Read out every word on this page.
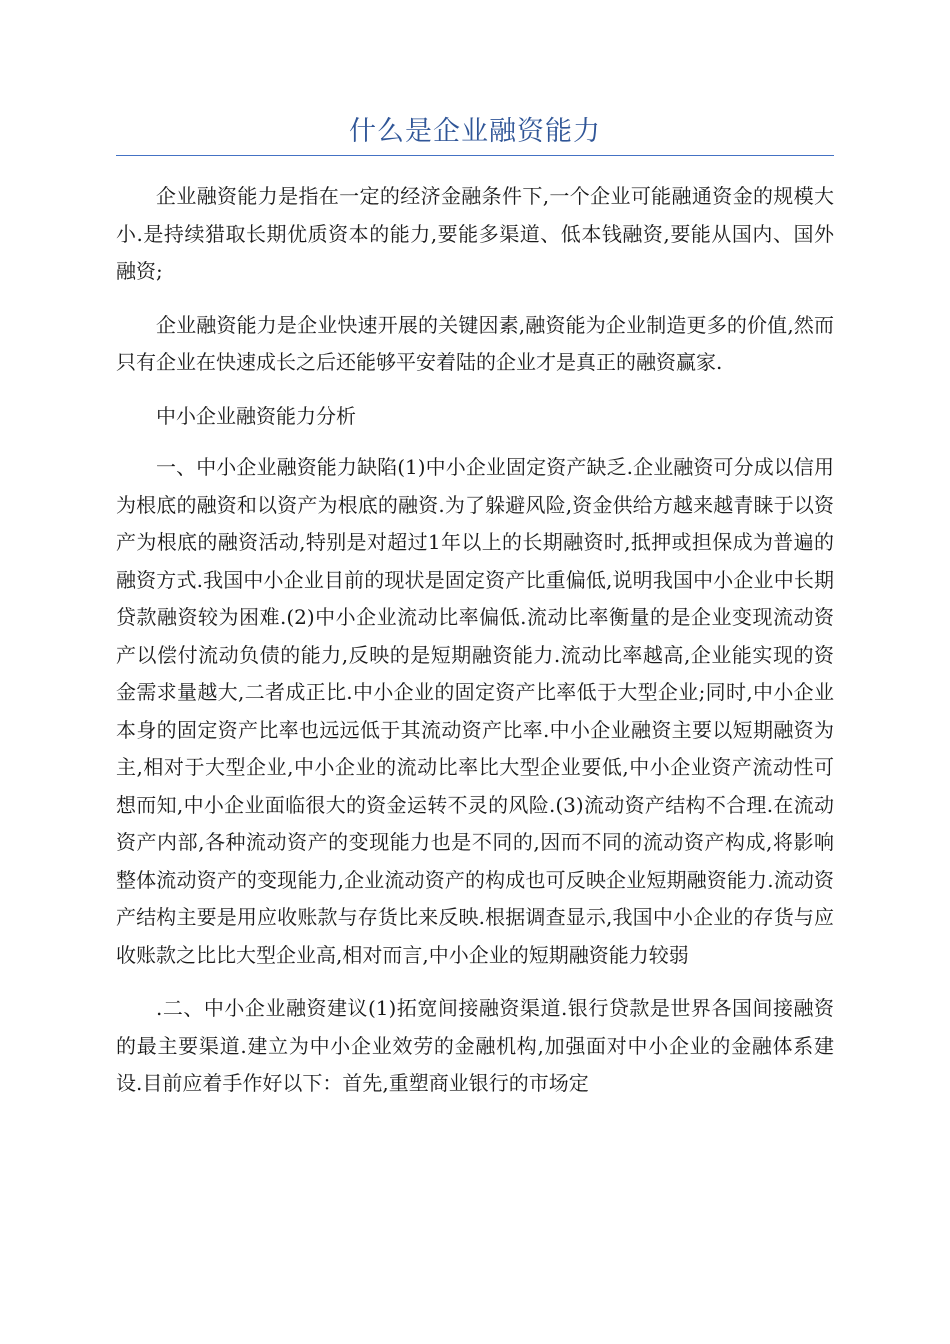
什么是企业融资能力

企业融资能力是指在一定的经济金融条件下,一个企业可能融通资金的规模大小.是持续猎取长期优质资本的能力,要能多渠道、低本钱融资,要能从国内、国外融资;

企业融资能力是企业快速开展的关键因素,融资能为企业制造更多的价值,然而只有企业在快速成长之后还能够平安着陆的企业才是真正的融资赢家.

中小企业融资能力分析

一、中小企业融资能力缺陷(1)中小企业固定资产缺乏.企业融资可分成以信用为根底的融资和以资产为根底的融资.为了躲避风险,资金供给方越来越青睐于以资产为根底的融资活动,特别是对超过1年以上的长期融资时,抵押或担保成为普遍的融资方式.我国中小企业目前的现状是固定资产比重偏低,说明我国中小企业中长期贷款融资较为困难.(2)中小企业流动比率偏低.流动比率衡量的是企业变现流动资产以偿付流动负债的能力,反映的是短期融资能力.流动比率越高,企业能实现的资金需求量越大,二者成正比.中小企业的固定资产比率低于大型企业;同时,中小企业本身的固定资产比率也远远低于其流动资产比率.中小企业融资主要以短期融资为主,相对于大型企业,中小企业的流动比率比大型企业要低,中小企业资产流动性可想而知,中小企业面临很大的资金运转不灵的风险.(3)流动资产结构不合理.在流动资产内部,各种流动资产的变现能力也是不同的,因而不同的流动资产构成,将影响整体流动资产的变现能力,企业流动资产的构成也可反映企业短期融资能力.流动资产结构主要是用应收账款与存货比来反映.根据调查显示,我国中小企业的存货与应收账款之比比大型企业高,相对而言,中小企业的短期融资能力较弱

.二、中小企业融资建议(1)拓宽间接融资渠道.银行贷款是世界各国间接融资的最主要渠道.建立为中小企业效劳的金融机构,加强面对中小企业的金融体系建设.目前应着手作好以下：首先,重塑商业银行的市场定
